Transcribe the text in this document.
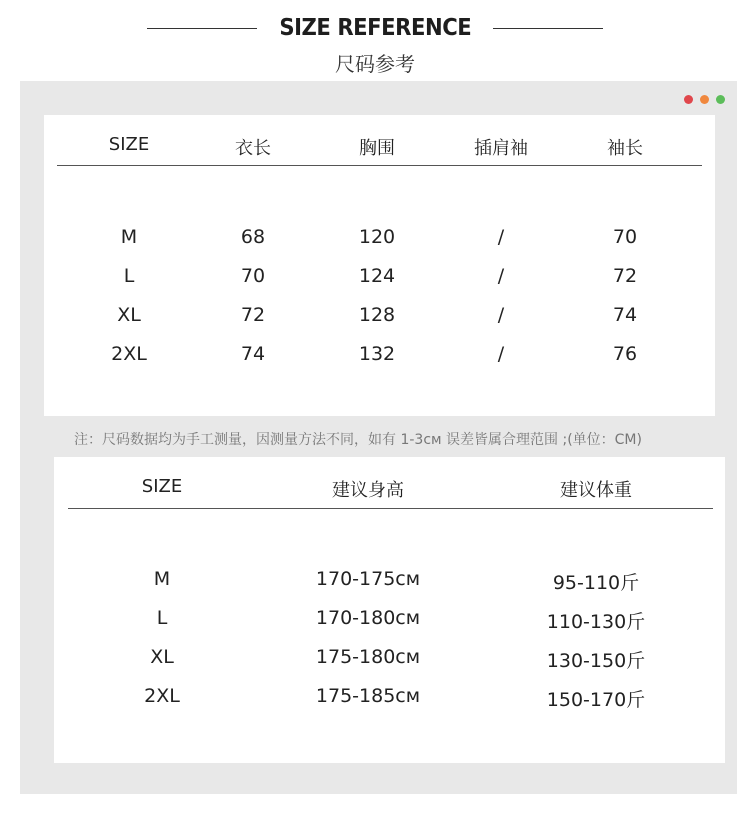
SIZE REFERENCE
尺码参考
SIZE	衣长	胸围	插肩袖	袖长
M	68	120	/	70
L	70	124	/	72
XL	72	128	/	74
2XL	74	132	/	76
注：尺码数据均为手工测量，因测量方法不同，如有 1-3ᴄᴍ 误差皆属合理范围 ;(单位：CM)
SIZE	建议身高	建议体重
M	170-175ᴄᴍ	95-110斤
L	170-180ᴄᴍ	110-130斤
XL	175-180ᴄᴍ	130-150斤
2XL	175-185ᴄᴍ	150-170斤
